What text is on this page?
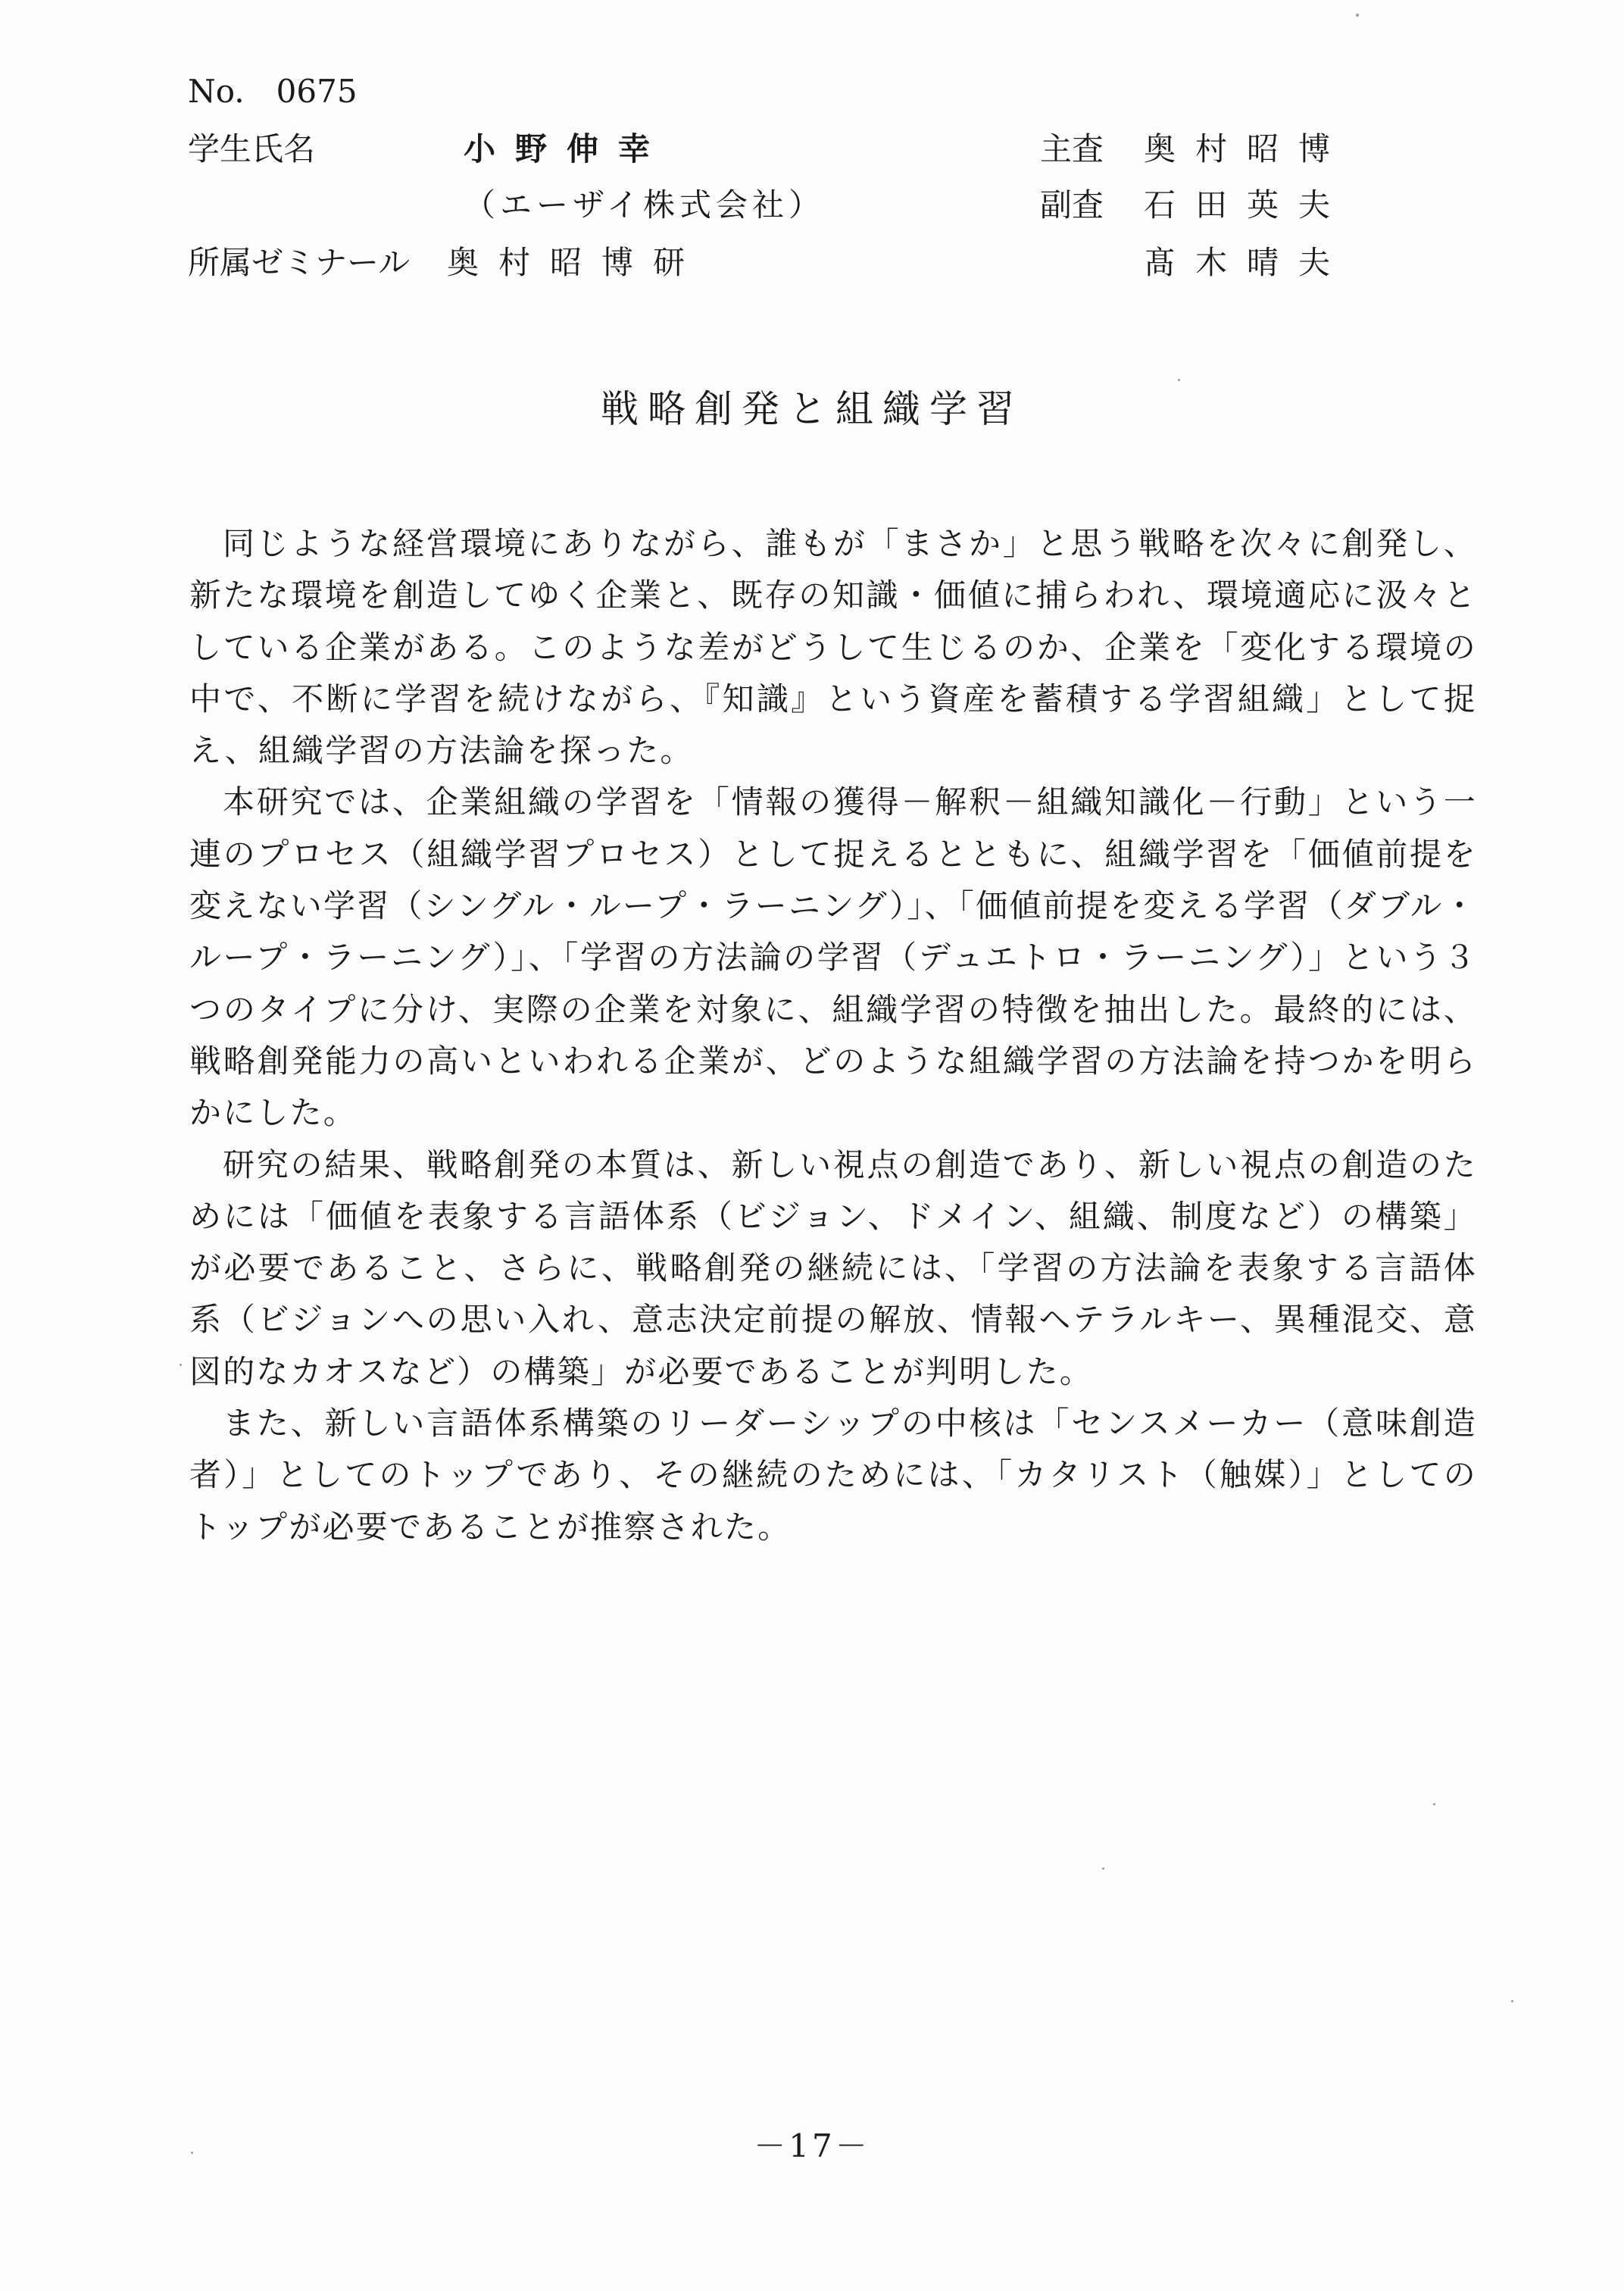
No.　0675
学生氏名	小野伸幸
（エーザイ株式会社）
所属ゼミナール 奥村昭博研
主査 奥村昭博
副査 石田英夫
髙木晴夫
戦略創発と組織学習

同じような経営環境にありながら、誰もが「まさか」と思う戦略を次々に創発し、新たな環境を創造してゆく企業と、既存の知識・価値に捕らわれ、環境適応に汲々としている企業がある。このような差がどうして生じるのか、企業を「変化する環境の中で、不断に学習を続けながら、『知識』という資産を蓄積する学習組織」として捉え、組織学習の方法論を探った。

本研究では、企業組織の学習を「情報の獲得－解釈－組織知識化－行動」という一連のプロセス（組織学習プロセス）として捉えるとともに、組織学習を「価値前提を変えない学習（シングル・ループ・ラーニング）」、「価値前提を変える学習（ダブル・ループ・ラーニング）」、「学習の方法論の学習（デュエトロ・ラーニング）」という３つのタイプに分け、実際の企業を対象に、組織学習の特徴を抽出した。最終的には、戦略創発能力の高いといわれる企業が、どのような組織学習の方法論を持つかを明らかにした。

研究の結果、戦略創発の本質は、新しい視点の創造であり、新しい視点の創造のためには「価値を表象する言語体系（ビジョン、ドメイン、組織、制度など）の構築」が必要であること、さらに、戦略創発の継続には、「学習の方法論を表象する言語体系（ビジョンへの思い入れ、意志決定前提の解放、情報ヘテラルキー、異種混交、意図的なカオスなど）の構築」が必要であることが判明した。

また、新しい言語体系構築のリーダーシップの中核は「センスメーカー（意味創造者）」としてのトップであり、その継続のためには、「カタリスト（触媒）」としてのトップが必要であることが推察された。

－17－
